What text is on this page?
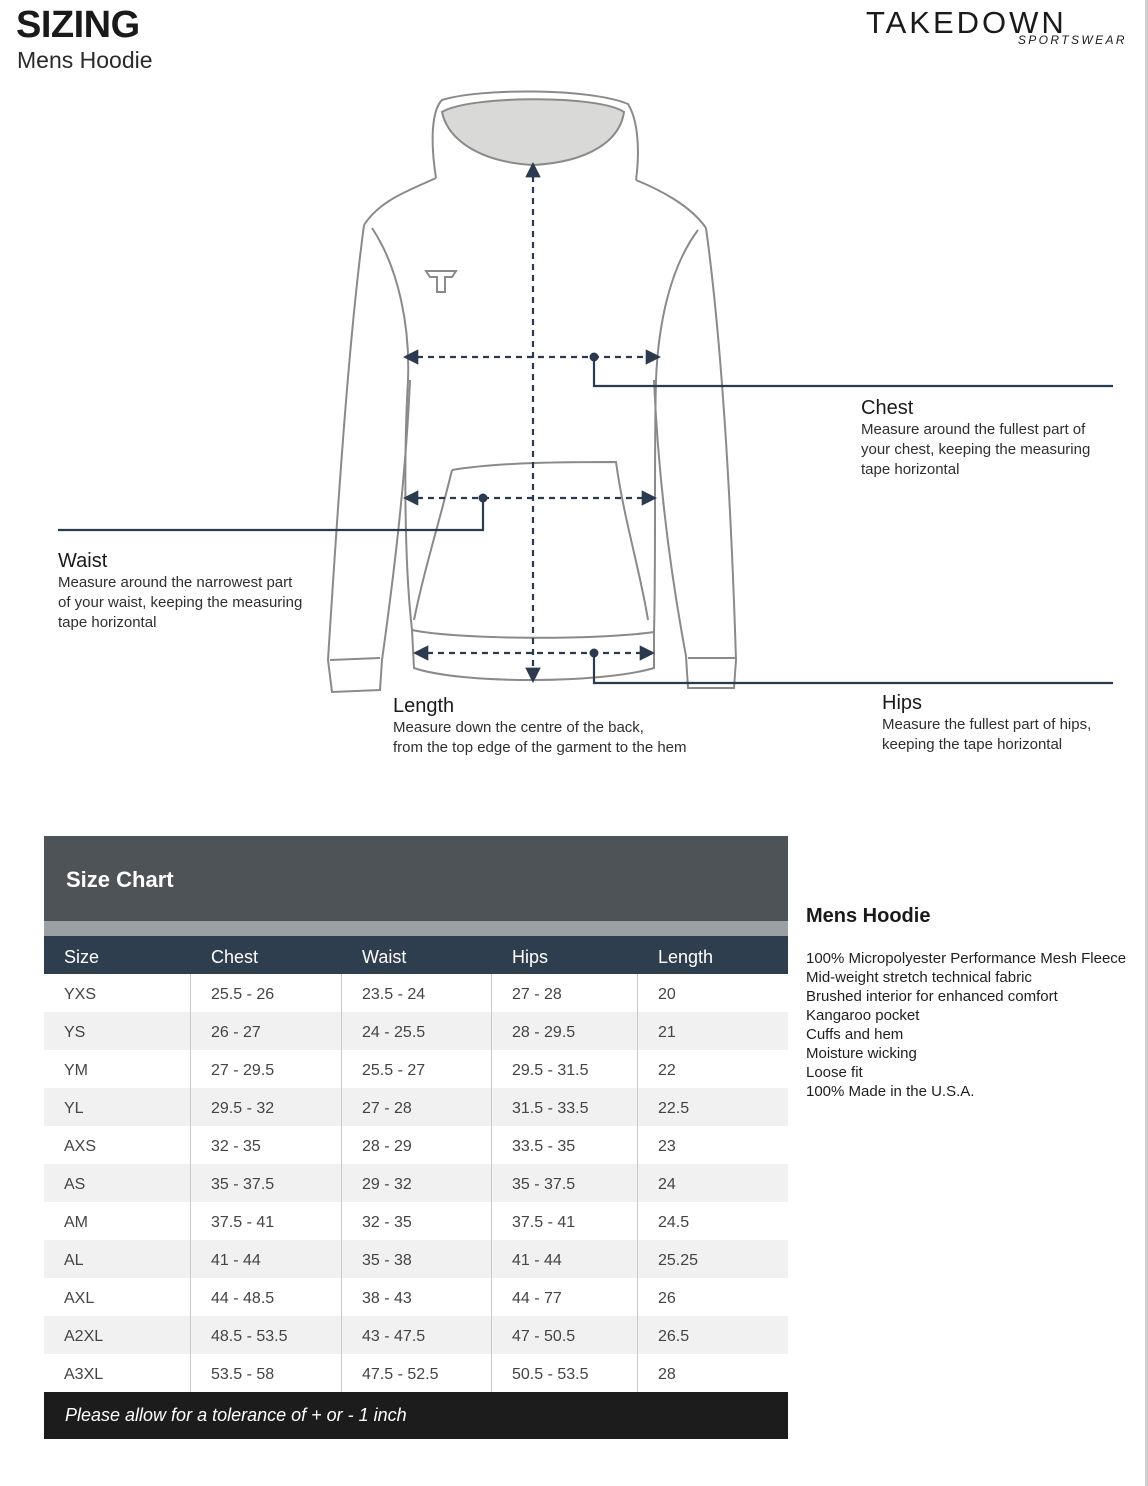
SIZING
Mens Hoodie
TAKEDOWN
SPORTSWEAR
Chest
Measure around the fullest part of
your chest, keeping the measuring
tape horizontal
Waist
Measure around the narrowest part
of your waist, keeping the measuring
tape horizontal
Length
Measure down the centre of the back,
from the top edge of the garment to the hem
Hips
Measure the fullest part of hips,
keeping the tape horizontal
Size Chart
Size	Chest	Waist	Hips	Length
YXS	25.5 - 26	23.5 - 24	27 - 28	20
YS	26 - 27	24 - 25.5	28 - 29.5	21
YM	27 - 29.5	25.5 - 27	29.5 - 31.5	22
YL	29.5 - 32	27 - 28	31.5 - 33.5	22.5
AXS	32 - 35	28 - 29	33.5 - 35	23
AS	35 - 37.5	29 - 32	35 - 37.5	24
AM	37.5 - 41	32 - 35	37.5 - 41	24.5
AL	41 - 44	35 - 38	41 - 44	25.25
AXL	44 - 48.5	38 - 43	44 - 77	26
A2XL	48.5 - 53.5	43 - 47.5	47 - 50.5	26.5
A3XL	53.5 - 58	47.5 - 52.5	50.5 - 53.5	28
Please allow for a tolerance of + or - 1 inch
Mens Hoodie
100% Micropolyester Performance Mesh Fleece
Mid-weight stretch technical fabric
Brushed interior for enhanced comfort
Kangaroo pocket
Cuffs and hem
Moisture wicking
Loose fit
100% Made in the U.S.A.
